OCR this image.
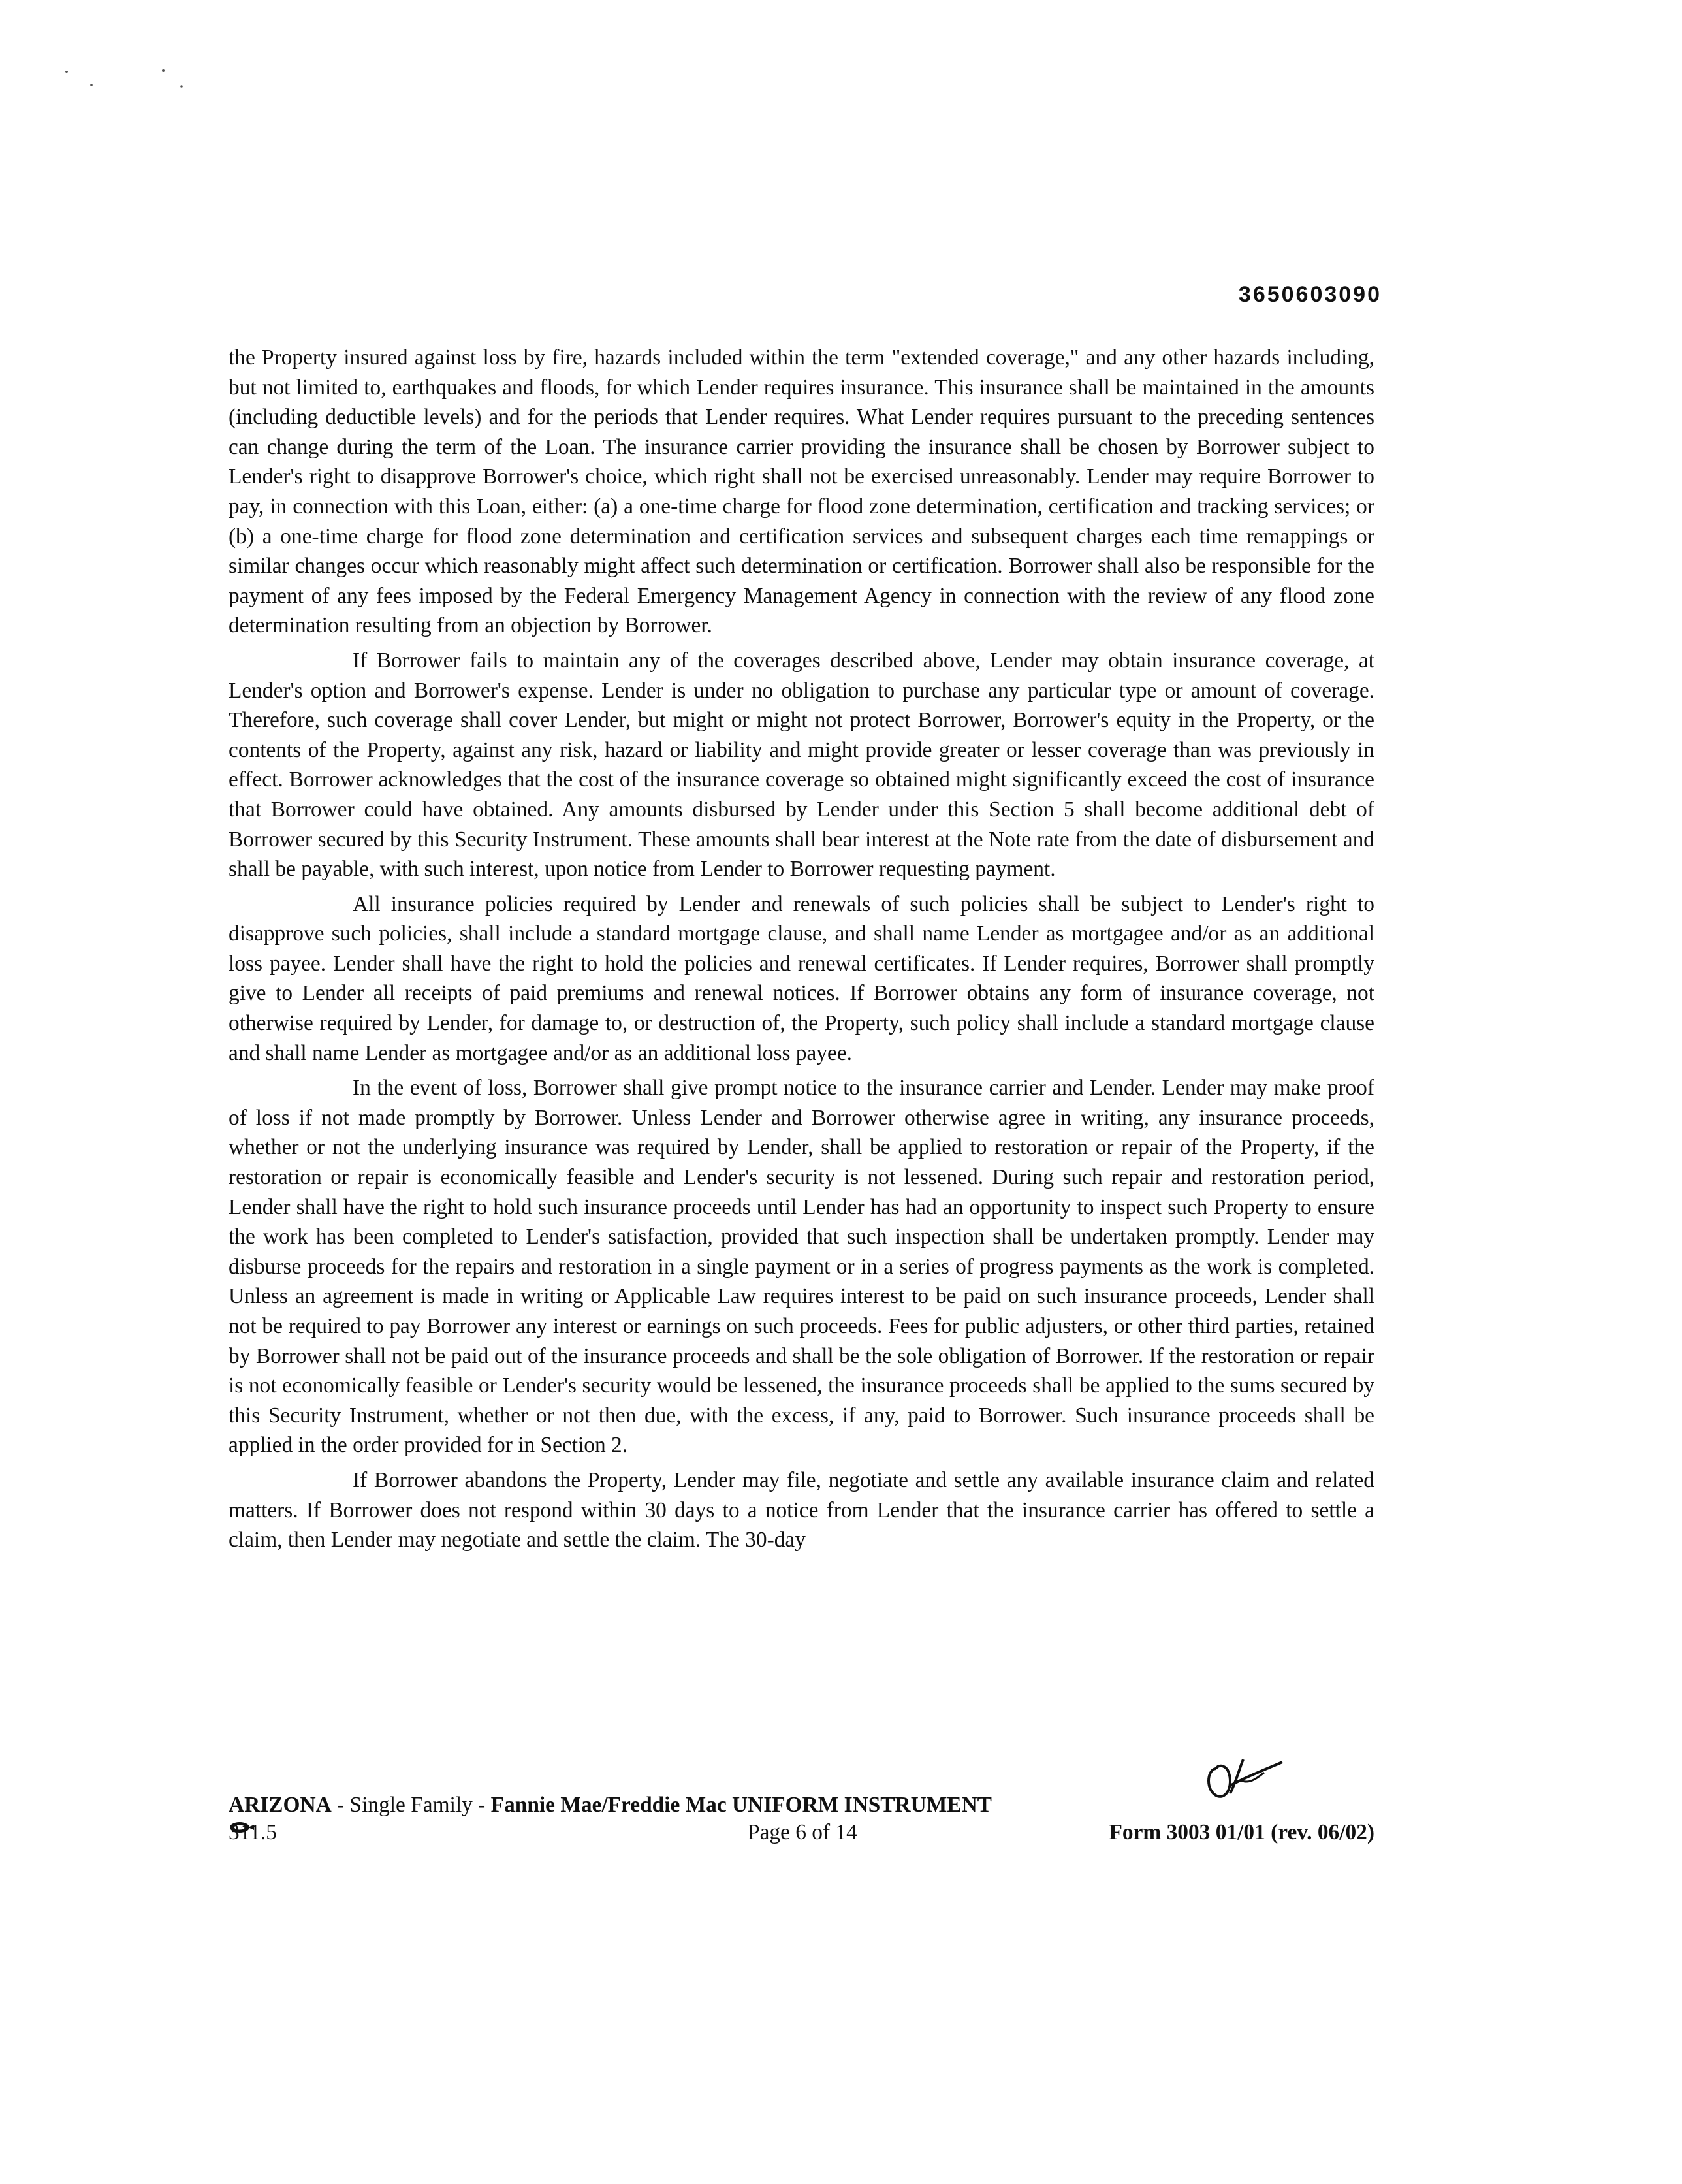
3650603090

the Property insured against loss by fire, hazards included within the term "extended coverage," and any other hazards including, but not limited to, earthquakes and floods, for which Lender requires insurance. This insurance shall be maintained in the amounts (including deductible levels) and for the periods that Lender requires. What Lender requires pursuant to the preceding sentences can change during the term of the Loan. The insurance carrier providing the insurance shall be chosen by Borrower subject to Lender's right to disapprove Borrower's choice, which right shall not be exercised unreasonably. Lender may require Borrower to pay, in connection with this Loan, either: (a) a one-time charge for flood zone determination, certification and tracking services; or (b) a one-time charge for flood zone determination and certification services and subsequent charges each time remappings or similar changes occur which reasonably might affect such determination or certification. Borrower shall also be responsible for the payment of any fees imposed by the Federal Emergency Management Agency in connection with the review of any flood zone determination resulting from an objection by Borrower.

If Borrower fails to maintain any of the coverages described above, Lender may obtain insurance coverage, at Lender's option and Borrower's expense. Lender is under no obligation to purchase any particular type or amount of coverage. Therefore, such coverage shall cover Lender, but might or might not protect Borrower, Borrower's equity in the Property, or the contents of the Property, against any risk, hazard or liability and might provide greater or lesser coverage than was previously in effect. Borrower acknowledges that the cost of the insurance coverage so obtained might significantly exceed the cost of insurance that Borrower could have obtained. Any amounts disbursed by Lender under this Section 5 shall become additional debt of Borrower secured by this Security Instrument. These amounts shall bear interest at the Note rate from the date of disbursement and shall be payable, with such interest, upon notice from Lender to Borrower requesting payment.

All insurance policies required by Lender and renewals of such policies shall be subject to Lender's right to disapprove such policies, shall include a standard mortgage clause, and shall name Lender as mortgagee and/or as an additional loss payee. Lender shall have the right to hold the policies and renewal certificates. If Lender requires, Borrower shall promptly give to Lender all receipts of paid premiums and renewal notices. If Borrower obtains any form of insurance coverage, not otherwise required by Lender, for damage to, or destruction of, the Property, such policy shall include a standard mortgage clause and shall name Lender as mortgagee and/or as an additional loss payee.

In the event of loss, Borrower shall give prompt notice to the insurance carrier and Lender. Lender may make proof of loss if not made promptly by Borrower. Unless Lender and Borrower otherwise agree in writing, any insurance proceeds, whether or not the underlying insurance was required by Lender, shall be applied to restoration or repair of the Property, if the restoration or repair is economically feasible and Lender's security is not lessened. During such repair and restoration period, Lender shall have the right to hold such insurance proceeds until Lender has had an opportunity to inspect such Property to ensure the work has been completed to Lender's satisfaction, provided that such inspection shall be undertaken promptly. Lender may disburse proceeds for the repairs and restoration in a single payment or in a series of progress payments as the work is completed. Unless an agreement is made in writing or Applicable Law requires interest to be paid on such insurance proceeds, Lender shall not be required to pay Borrower any interest or earnings on such proceeds. Fees for public adjusters, or other third parties, retained by Borrower shall not be paid out of the insurance proceeds and shall be the sole obligation of Borrower. If the restoration or repair is not economically feasible or Lender's security would be lessened, the insurance proceeds shall be applied to the sums secured by this Security Instrument, whether or not then due, with the excess, if any, paid to Borrower. Such insurance proceeds shall be applied in the order provided for in Section 2.

If Borrower abandons the Property, Lender may file, negotiate and settle any available insurance claim and related matters. If Borrower does not respond within 30 days to a notice from Lender that the insurance carrier has offered to settle a claim, then Lender may negotiate and settle the claim. The 30-day

ARIZONA - Single Family - Fannie Mae/Freddie Mac UNIFORM INSTRUMENT
311.5	Page 6 of 14	Form 3003 01/01 (rev. 06/02)
